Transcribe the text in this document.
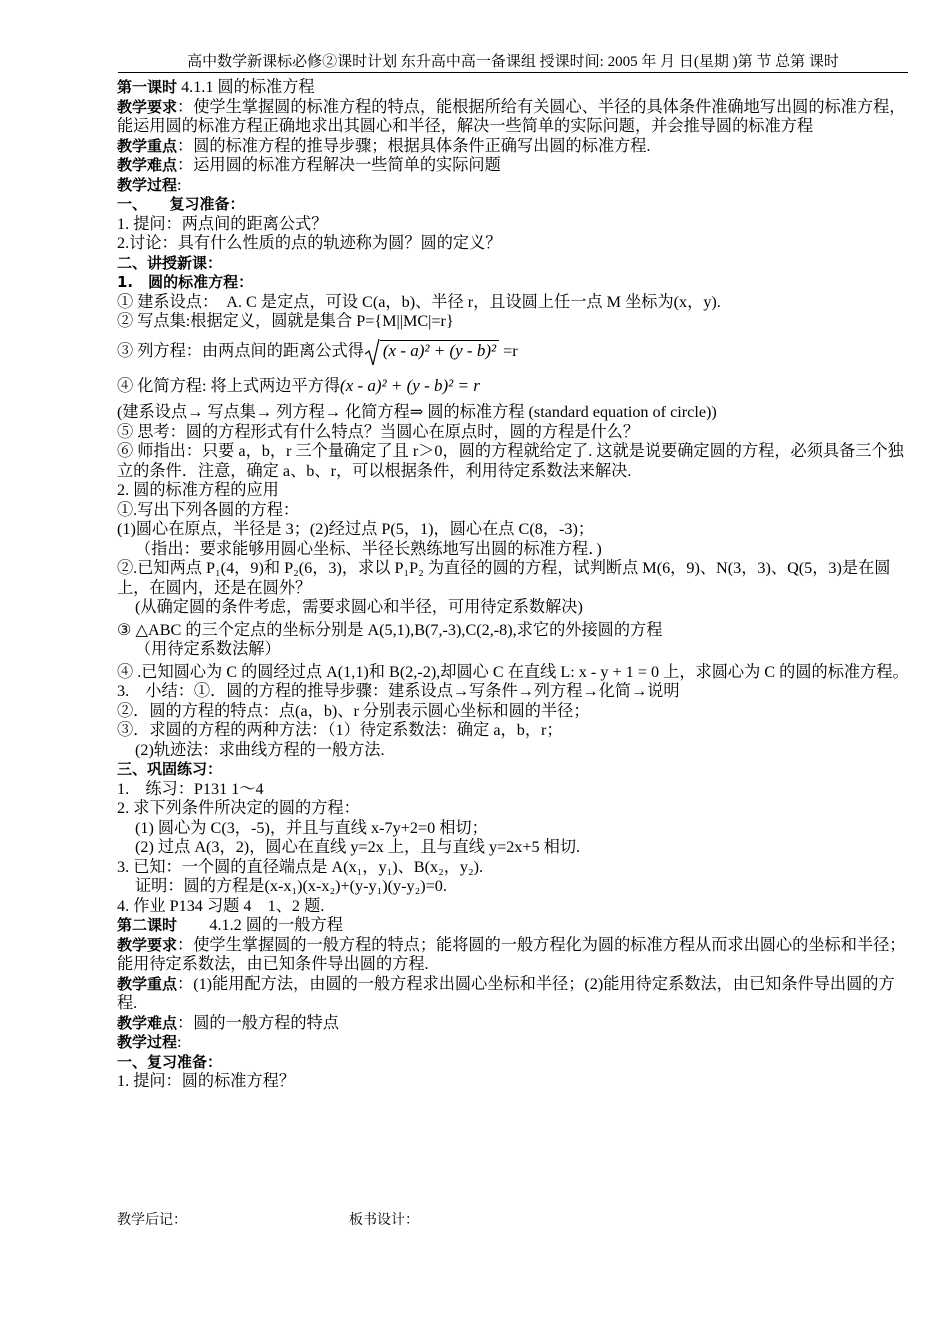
高中数学新课标必修②课时计划 东升高中高一备课组 授课时间: 2005 年 月 日(星期 )第 节 总第 课时
第一课时 4.1.1 圆的标准方程
教学要求：使学生掌握圆的标准方程的特点，能根据所给有关圆心、半径的具体条件准确地写出圆的标准方程，能运用圆的标准方程正确地求出其圆心和半径，解决一些简单的实际问题，并会推导圆的标准方程
教学重点：圆的标准方程的推导步骤；根据具体条件正确写出圆的标准方程.
教学难点：运用圆的标准方程解决一些简单的实际问题
教学过程:
一、　　复习准备：
1. 提问：两点间的距离公式？
2.讨论：具有什么性质的点的轨迹称为圆？圆的定义？
二、讲授新课：
1.　圆的标准方程：
① 建系设点：　A. C 是定点，可设 C(a，b)、半径 r，且设圆上任一点 M 坐标为(x，y).
② 写点集:根据定义，圆就是集合 P={M||MC|=r}
③ 列方程：由两点间的距离公式得 (x - a)² + (y - b)² =r
④ 化简方程: 将上式两边平方得(x - a)² + (y - b)² = r
(建系设点→ 写点集→ 列方程→ 化简方程⇒ 圆的标准方程 (standard equation of circle))
⑤ 思考：圆的方程形式有什么特点？当圆心在原点时，圆的方程是什么？
⑥ 师指出：只要 a，b，r 三个量确定了且 r＞0，圆的方程就给定了. 这就是说要确定圆的方程，必须具备三个独立的条件．注意，确定 a、b、r，可以根据条件，利用待定系数法来解决.
2. 圆的标准方程的应用
①.写出下列各圆的方程：
(1)圆心在原点，半径是 3；(2)经过点 P(5，1)，圆心在点 C(8，-3)；
（指出：要求能够用圆心坐标、半径长熟练地写出圆的标准方程．)
②.已知两点 P₁(4，9)和 P₂(6，3)，求以 P₁P₂ 为直径的圆的方程，试判断点 M(6，9)、N(3，3)、Q(5，3)是在圆上，在圆内，还是在圆外？
(从确定圆的条件考虑，需要求圆心和半径，可用待定系数解决)
③ △ABC 的三个定点的坐标分别是 A(5,1),B(7,-3),C(2,-8),求它的外接圆的方程
（用待定系数法解）
④ .已知圆心为 C 的圆经过点 A(1,1)和 B(2,-2),却圆心 C 在直线 L: x - y + 1 = 0 上，求圆心为 C 的圆的标准方程。
3.　小结：①．圆的方程的推导步骤：建系设点→写条件→列方程→化简→说明
②．圆的方程的特点：点(a，b)、r 分别表示圆心坐标和圆的半径；
③．求圆的方程的两种方法：（1）待定系数法：确定 a，b，r；
(2)轨迹法：求曲线方程的一般方法.
三、巩固练习：
1.　练习：P131 1～4
2. 求下列条件所决定的圆的方程：
(1) 圆心为 C(3，-5)，并且与直线 x-7y+2=0 相切；
(2) 过点 A(3，2)，圆心在直线 y=2x 上，且与直线 y=2x+5 相切.
3. 已知：一个圆的直径端点是 A(x₁，y₁)、B(x₂，y₂).
证明：圆的方程是(x-x₁)(x-x₂)+(y-y₁)(y-y₂)=0.
4. 作业 P134 习题 4　1、2 题.
第二课时　　4.1.2 圆的一般方程
教学要求：使学生掌握圆的一般方程的特点；能将圆的一般方程化为圆的标准方程从而求出圆心的坐标和半径；能用待定系数法，由已知条件导出圆的方程.
教学重点：(1)能用配方法，由圆的一般方程求出圆心坐标和半径；(2)能用待定系数法，由已知条件导出圆的方程.
教学难点：圆的一般方程的特点
教学过程:
一、复习准备：
1. 提问：圆的标准方程？
教学后记：	板书设计：
